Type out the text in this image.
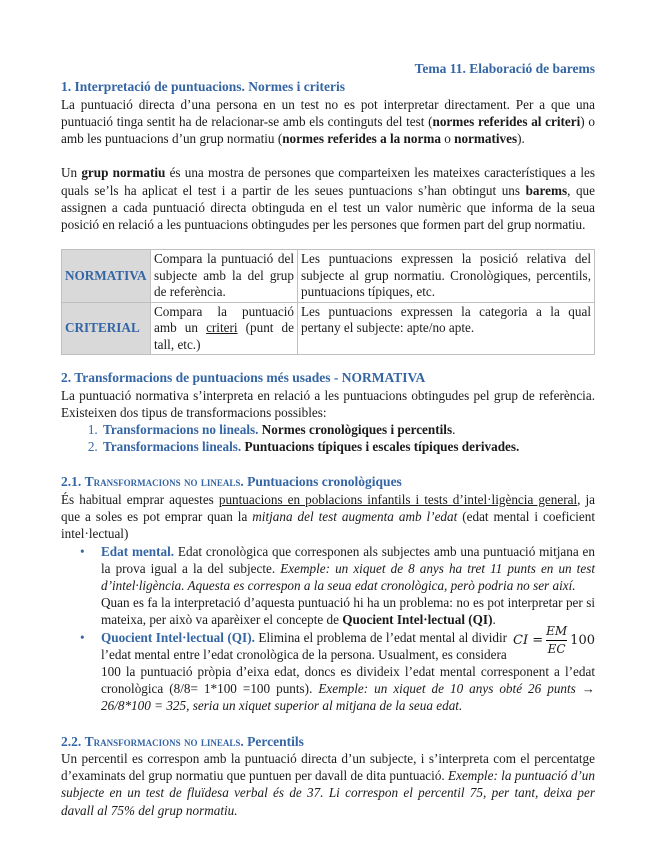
Tema 11. Elaboració de barems
1. Interpretació de puntuacions. Normes i criteris

La puntuació directa d’una persona en un test no es pot interpretar directament. Per a que una puntuació tinga sentit ha de relacionar-se amb els continguts del test (normes referides al criteri) o amb les puntuacions d’un grup normatiu (normes referides a la norma o normatives).

Un grup normatiu és una mostra de persones que comparteixen les mateixes característiques a les quals se’ls ha aplicat el test i a partir de les seues puntuacions s’han obtingut uns barems, que assignen a cada puntuació directa obtinguda en el test un valor numèric que informa de la seua posició en relació a les puntuacions obtingudes per les persones que formen part del grup normatiu.

NORMATIVA	Compara la puntuació del subjecte amb la del grup de referència.	Les puntuacions expressen la posició relativa del subjecte al grup normatiu. Cronològiques, percentils, puntuacions típiques, etc.
CRITERIAL	Compara la puntuació amb un criteri (punt de tall, etc.)	Les puntuacions expressen la categoria a la qual pertany el subjecte: apte/no apte.
2. Transformacions de puntuacions més usades - NORMATIVA

La puntuació normativa s’interpreta en relació a les puntuacions obtingudes pel grup de referència. Existeixen dos tipus de transformacions possibles:

1. Transformacions no lineals. Normes cronològiques i percentils.
2. Transformacions lineals. Puntuacions típiques i escales típiques derivades.
2.1. Transformacions no lineals. Puntuacions cronològiques

És habitual emprar aquestes puntuacions en poblacions infantils i tests d’intel·ligència general, ja que a soles es pot emprar quan la mitjana del test augmenta amb l’edat (edat mental i coeficient intel·lectual)

• Edat mental. Edat cronològica que corresponen als subjectes amb una puntuació mitjana en la prova igual a la del subjecte. Exemple: un xiquet de 8 anys ha tret 11 punts en un test d’intel·ligència. Aquesta es correspon a la seua edat cronològica, però podria no ser així.
Quan es fa la interpretació d’aquesta puntuació hi ha un problema: no es pot interpretar per si mateixa, per això va aparèixer el concepte de Quocient Intel·lectual (QI).
•	CI = $\frac{EM}{EC} 100$
Quocient Intel·lectual (QI). Elimina el problema de l’edat mental al dividir l’edat mental entre l’edat cronològica de la persona. Usualment, es considera
100 la puntuació pròpia d’eixa edat, doncs es divideix l’edat mental corresponent a l’edat cronològica (8/8= 1*100 =100 punts). Exemple: un xiquet de 10 anys obté 26 punts → 26/8*100 = 325, seria un xiquet superior al mitjana de la seua edat.
2.2. Transformacions no lineals. Percentils

Un percentil es correspon amb la puntuació directa d’un subjecte, i s’interpreta com el percentatge d’examinats del grup normatiu que puntuen per davall de dita puntuació. Exemple: la puntuació d’un subjecte en un test de fluïdesa verbal és de 37. Li correspon el percentil 75, per tant, deixa per davall al 75% del grup normatiu.
